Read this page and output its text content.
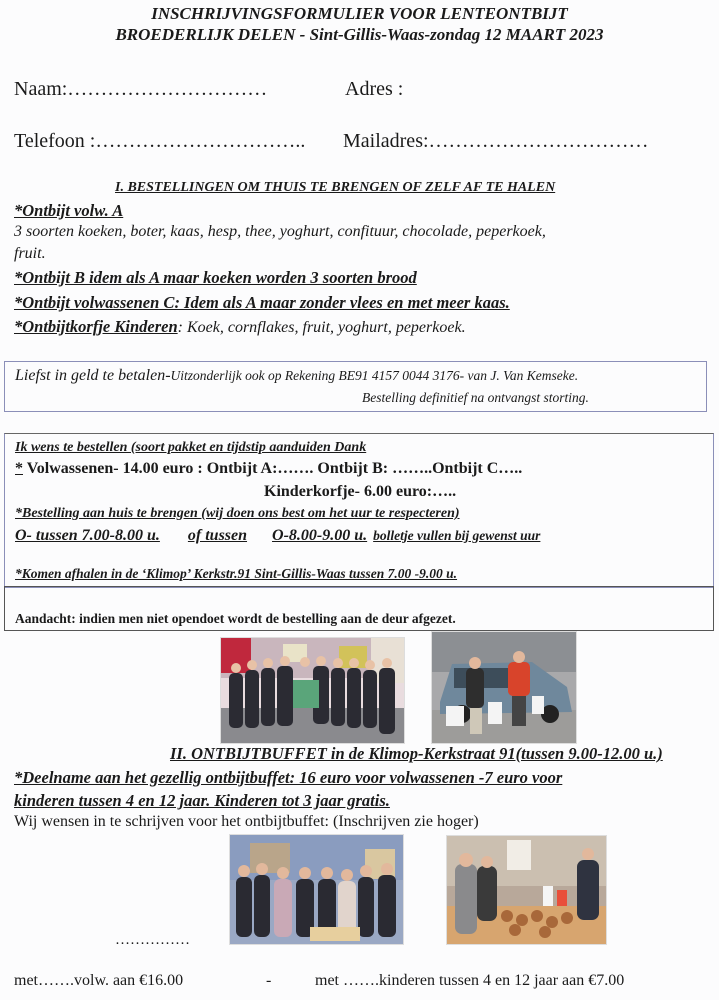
INSCHRIJVINGSFORMULIER VOOR LENTEONTBIJT
BROEDERLIJK DELEN - Sint-Gillis-Waas-zondag 12 MAART 2023
Naam:…………………………	Adres :
Telefoon :………………………….. Mailadres:……………………………
I. BESTELLINGEN OM THUIS TE BRENGEN OF ZELF AF TE HALEN
*Ontbijt volw. A
3 soorten koeken, boter, kaas, hesp, thee, yoghurt, confituur, chocolade, peperkoek,
fruit.
*Ontbijt B idem als A maar koeken worden 3 soorten brood
*Ontbijt volwassenen C: Idem als A maar zonder vlees en met meer kaas.
*Ontbijtkorfje Kinderen: Koek, cornflakes, fruit, yoghurt, peperkoek.
Liefst in geld te betalen-Uitzonderlijk ook op Rekening BE91 4157 0044 3176- van J. Van Kemseke.
Bestelling definitief na ontvangst storting.
Ik wens te bestellen (soort pakket en tijdstip aanduiden Dank
* Volwassenen- 14.00 euro : Ontbijt A:……. Ontbijt B: ……..Ontbijt C…..
Kinderkorfje- 6.00 euro:…..
*Bestelling aan huis te brengen (wij doen ons best om het uur te respecteren)
O- tussen 7.00-8.00 u. of tussen O-8.00-9.00 u. bolletje vullen bij gewenst uur
*Komen afhalen in de ‘Klimop’ Kerkstr.91 Sint-Gillis-Waas tussen 7.00 -9.00 u.
Aandacht: indien men niet opendoet wordt de bestelling aan de deur afgezet.
II. ONTBIJTBUFFET in de Klimop-Kerkstraat 91(tussen 9.00-12.00 u.)
*Deelname aan het gezellig ontbijtbuffet: 16 euro voor volwassenen -7 euro voor
kinderen tussen 4 en 12 jaar. Kinderen tot 3 jaar gratis.
Wij wensen in te schrijven voor het ontbijtbuffet: (Inschrijven zie hoger)
……………
met…….volw. aan €16.00	-	met …….kinderen tussen 4 en 12 jaar aan €7.00
